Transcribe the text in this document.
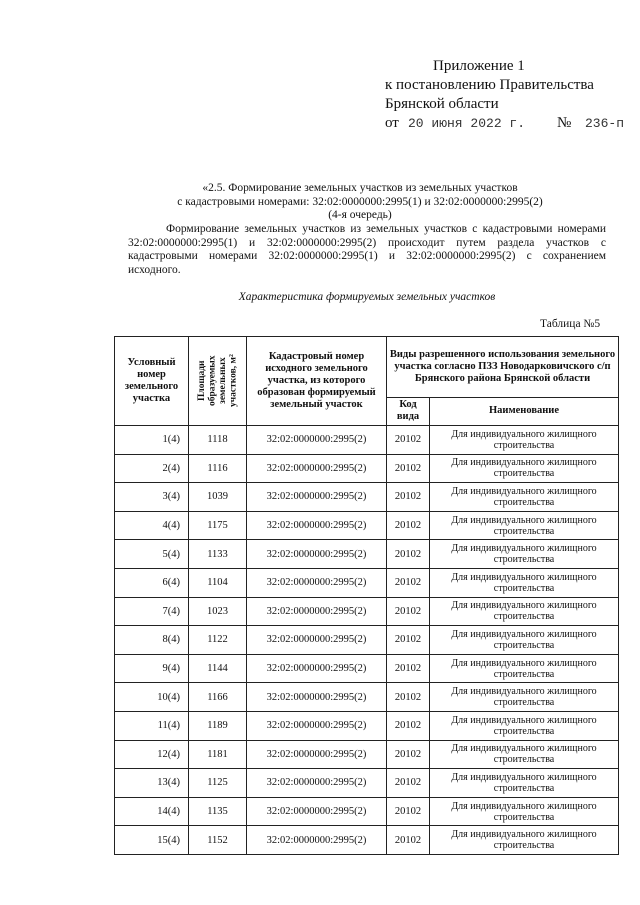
Приложение 1
к постановлению Правительства
Брянской области
от 20 июня 2022 г. № 236-п
«2.5. Формирование земельных участков из земельных участков
с кадастровыми номерами: 32:02:0000000:2995(1) и 32:02:0000000:2995(2)
(4-я очередь)
Формирование земельных участков из земельных участков с кадастровыми номерами 32:02:0000000:2995(1) и 32:02:0000000:2995(2) происходит путем раздела участков с кадастровыми номерами 32:02:0000000:2995(1) и 32:02:0000000:2995(2) с сохранением исходного.
Характеристика формируемых земельных участков
Таблица №5
Условный номер земельного участка	Площади образуемых земельных участков, м²	Кадастровый номер исходного земельного участка, из которого образован формируемый земельный участок	Виды разрешенного использования земельного участка согласно ПЗЗ Новодарковичского с/п Брянского района Брянской области	
			Код вида	Наименование
1(4)	1118	32:02:0000000:2995(2)	20102	Для индивидуального жилищного строительства
2(4)	1116	32:02:0000000:2995(2)	20102	Для индивидуального жилищного строительства
3(4)	1039	32:02:0000000:2995(2)	20102	Для индивидуального жилищного строительства
4(4)	1175	32:02:0000000:2995(2)	20102	Для индивидуального жилищного строительства
5(4)	1133	32:02:0000000:2995(2)	20102	Для индивидуального жилищного строительства
6(4)	1104	32:02:0000000:2995(2)	20102	Для индивидуального жилищного строительства
7(4)	1023	32:02:0000000:2995(2)	20102	Для индивидуального жилищного строительства
8(4)	1122	32:02:0000000:2995(2)	20102	Для индивидуального жилищного строительства
9(4)	1144	32:02:0000000:2995(2)	20102	Для индивидуального жилищного строительства
10(4)	1166	32:02:0000000:2995(2)	20102	Для индивидуального жилищного строительства
11(4)	1189	32:02:0000000:2995(2)	20102	Для индивидуального жилищного строительства
12(4)	1181	32:02:0000000:2995(2)	20102	Для индивидуального жилищного строительства
13(4)	1125	32:02:0000000:2995(2)	20102	Для индивидуального жилищного строительства
14(4)	1135	32:02:0000000:2995(2)	20102	Для индивидуального жилищного строительства
15(4)	1152	32:02:0000000:2995(2)	20102	Для индивидуального жилищного строительства
